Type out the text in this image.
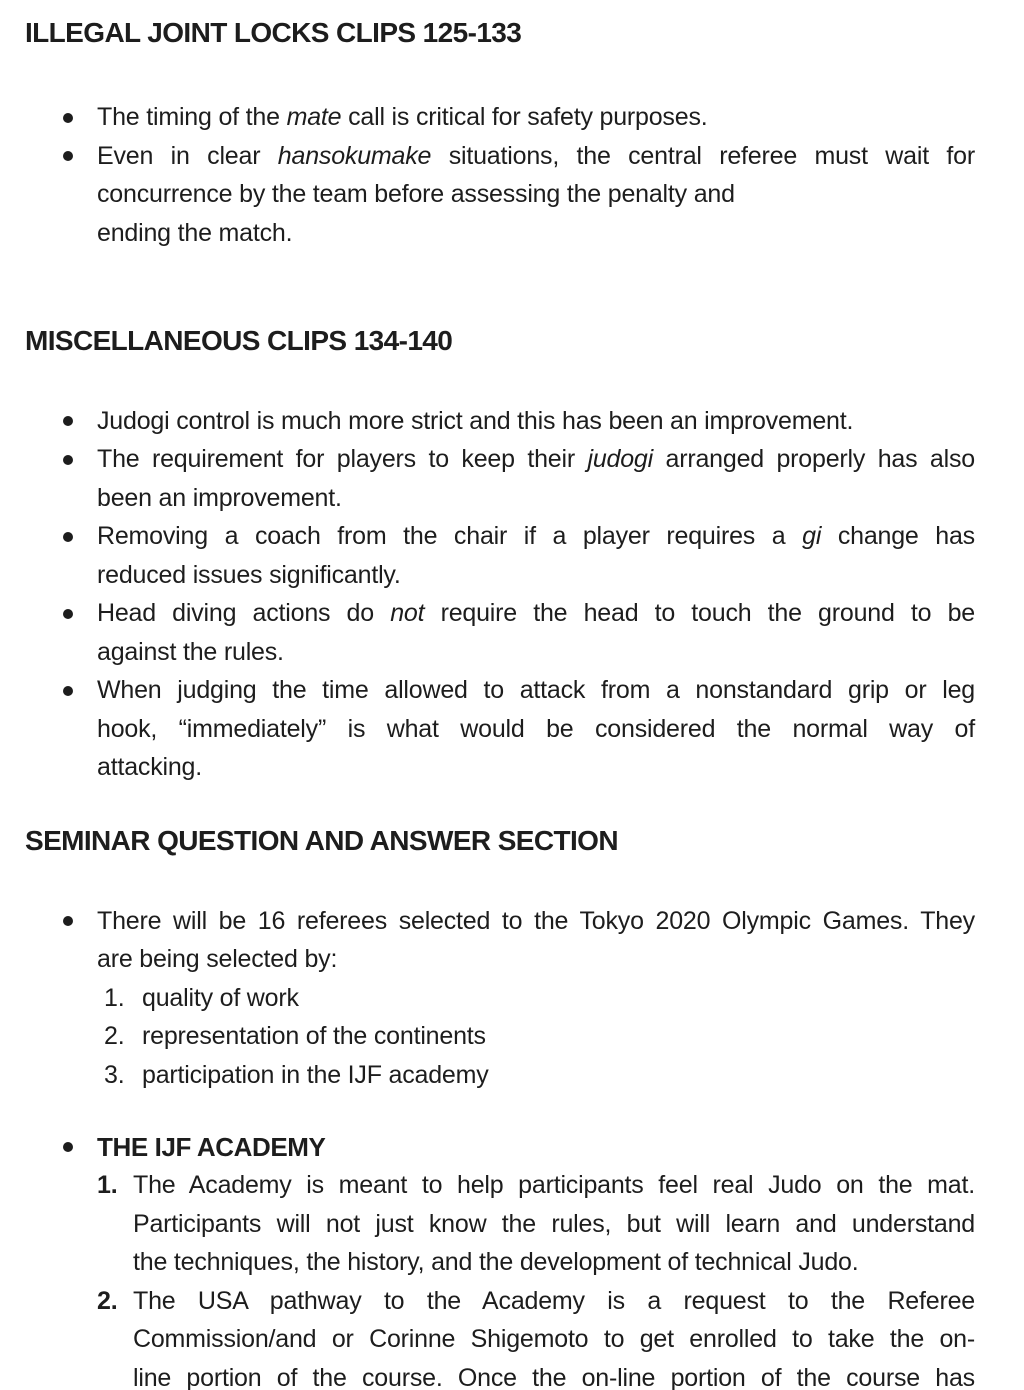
ILLEGAL JOINT LOCKS CLIPS 125-133
The timing of the mate call is critical for safety purposes.
Even in clear hansokumake situations, the central referee must wait for
concurrence by the team before assessing the penalty and
ending the match.
MISCELLANEOUS CLIPS 134-140
Judogi control is much more strict and this has been an improvement.
The requirement for players to keep their judogi arranged properly has also
been an improvement.
Removing a coach from the chair if a player requires a gi change has
reduced issues significantly.
Head diving actions do not require the head to touch the ground to be
against the rules.
When judging the time allowed to attack from a nonstandard grip or leg
hook, “immediately” is what would be considered the normal way of
attacking.
SEMINAR QUESTION AND ANSWER SECTION
There will be 16 referees selected to the Tokyo 2020 Olympic Games. They
are being selected by:
1. quality of work
2. representation of the continents
3. participation in the IJF academy
THE IJF ACADEMY
1. The Academy is meant to help participants feel real Judo on the mat.
Participants will not just know the rules, but will learn and understand
the techniques, the history, and the development of technical Judo.
2. The USA pathway to the Academy is a request to the Referee
Commission/and or Corinne Shigemoto to get enrolled to take the on-
line portion of the course. Once the on-line portion of the course has
